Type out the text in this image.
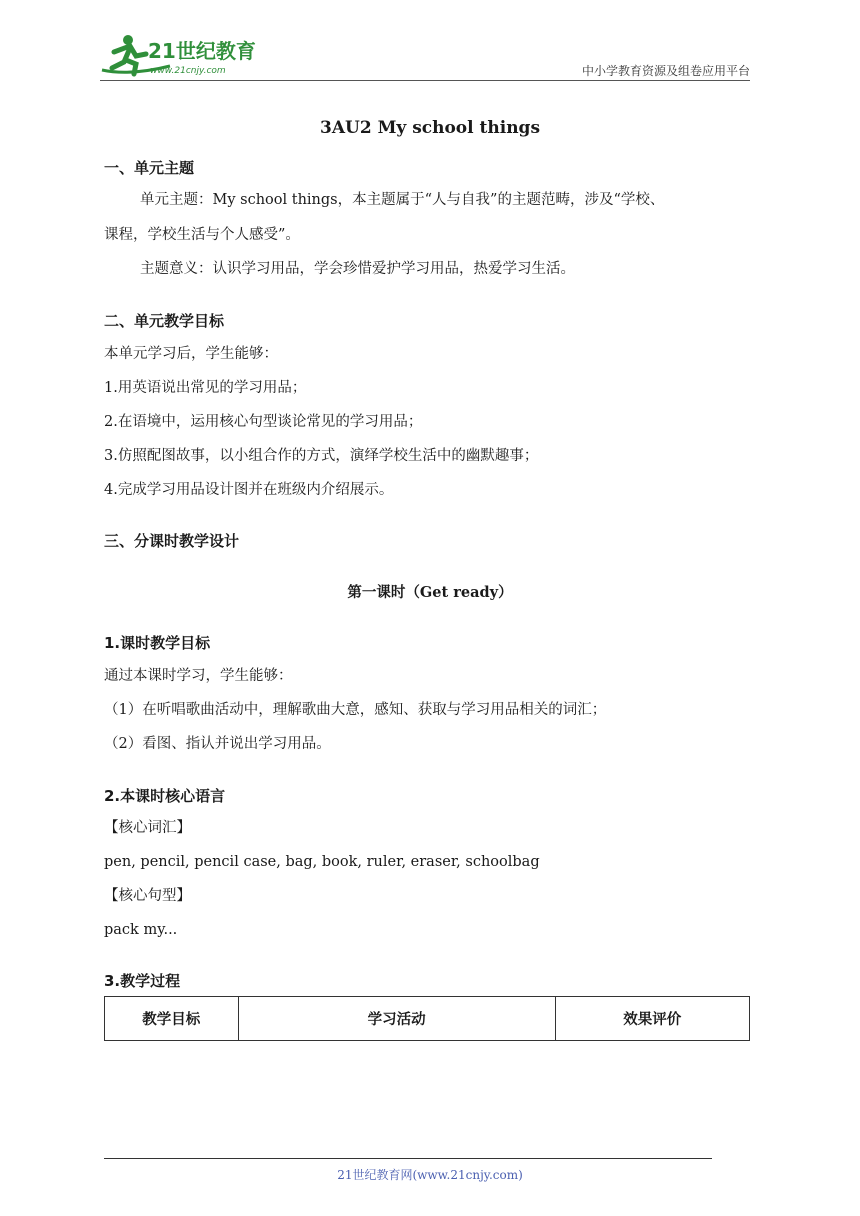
21世纪教育
www.21cnjy.com	中小学教育资源及组卷应用平台
3AU2 My school things
一、单元主题
单元主题：My school things，本主题属于“人与自我”的主题范畴，涉及“学校、
课程，学校生活与个人感受”。
主题意义：认识学习用品，学会珍惜爱护学习用品，热爱学习生活。
二、单元教学目标
本单元学习后，学生能够：
1.用英语说出常见的学习用品；
2.在语境中，运用核心句型谈论常见的学习用品；
3.仿照配图故事，以小组合作的方式，演绎学校生活中的幽默趣事；
4.完成学习用品设计图并在班级内介绍展示。
三、分课时教学设计
第一课时（Get ready）
1.课时教学目标
通过本课时学习，学生能够：
（1）在听唱歌曲活动中，理解歌曲大意，感知、获取与学习用品相关的词汇；
（2）看图、指认并说出学习用品。
2.本课时核心语言
【核心词汇】
pen, pencil, pencil case, bag, book, ruler, eraser, schoolbag
【核心句型】
pack my...
3.教学过程
教学目标	学习活动	效果评价
21世纪教育网(www.21cnjy.com)
